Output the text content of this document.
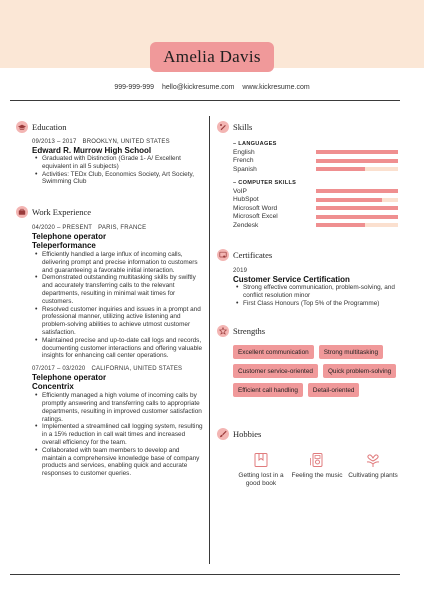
Amelia Davis
999-999-999 hello@kickresume.com www.kickresume.com
Education
09/2013 – 2017 BROOKLYN, UNITED STATES
Edward R. Murrow High School
• Graduated with Distinction (Grade 1- A/ Excellent equivalent in all 5 subjects)
• Activities: TEDx Club, Economics Society, Art Society, Swimming Club
Work Experience
04/2020 – PRESENT PARIS, FRANCE
Telephone operator
Teleperformance
• Efficiently handled a large influx of incoming calls, delivering prompt and precise information to customers and guaranteeing a favorable initial interaction.
• Demonstrated outstanding multitasking skills by swiftly and accurately transferring calls to the relevant departments, resulting in minimal wait times for customers.
• Resolved customer inquiries and issues in a prompt and professional manner, utilizing active listening and problem-solving abilities to achieve utmost customer satisfaction.
• Maintained precise and up-to-date call logs and records, documenting customer interactions and offering valuable insights for enhancing call center operations.
07/2017 – 03/2020 CALIFORNIA, UNITED STATES
Telephone operator
Concentrix
• Efficiently managed a high volume of incoming calls by promptly answering and transferring calls to appropriate departments, resulting in improved customer satisfaction ratings.
• Implemented a streamlined call logging system, resulting in a 15% reduction in call wait times and increased overall efficiency for the team.
• Collaborated with team members to develop and maintain a comprehensive knowledge base of company products and services, enabling quick and accurate responses to customer queries.
Skills
– LANGUAGES
English
French
Spanish
– COMPUTER SKILLS
VoIP
HubSpot
Microsoft Word
Microsoft Excel
Zendesk
Certificates
2019
Customer Service Certification
• Strong effective communication, problem-solving, and conflict resolution minor
• First Class Honours (Top 5% of the Programme)
Strengths
Excellent communication	Strong multitasking
Customer service-oriented	Quick problem-solving
Efficient call handling	Detail-oriented
Hobbies
Getting lost in a good book
Feeling the music Cultivating plants
